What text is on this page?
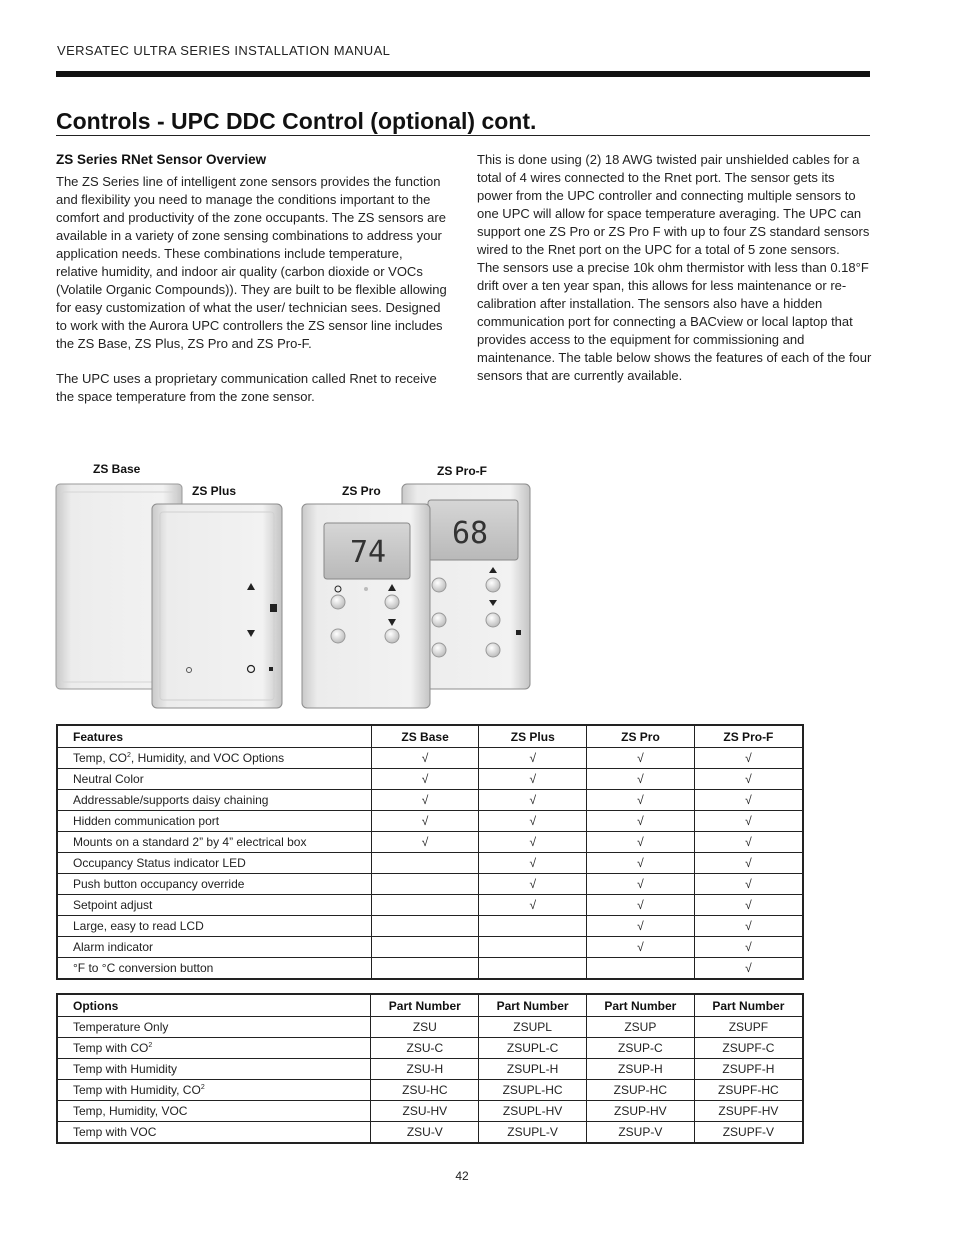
VERSATEC ULTRA SERIES INSTALLATION MANUAL
Controls - UPC DDC Control (optional) cont.
ZS Series RNet Sensor Overview

The ZS Series line of intelligent zone sensors provides the function and flexibility you need to manage the conditions important to the comfort and productivity of the zone occupants. The ZS sensors are available in a variety of zone sensing combinations to address your application needs. These combinations include temperature, relative humidity, and indoor air quality (carbon dioxide or VOCs (Volatile Organic Compounds)). They are built to be flexible allowing for easy customization of what the user/ technician sees. Designed to work with the Aurora UPC controllers the ZS sensor line includes the ZS Base, ZS Plus, ZS Pro and ZS Pro-F.

The UPC uses a proprietary communication called Rnet to receive the space temperature from the zone sensor.

This is done using (2) 18 AWG twisted pair unshielded cables for a total of 4 wires connected to the Rnet port. The sensor gets its power from the UPC controller and connecting multiple sensors to one UPC will allow for space temperature averaging. The UPC can support one ZS Pro or ZS Pro F with up to four ZS standard sensors wired to the Rnet port on the UPC for a total of 5 zone sensors.

The sensors use a precise 10k ohm thermistor with less than 0.18°F drift over a ten year span, this allows for less maintenance or re-calibration after installation. The sensors also have a hidden communication port for connecting a BACview or local laptop that provides access to the equipment for commissioning and maintenance. The table below shows the features of each of the four sensors that are currently available.

ZS Base
ZS Plus	ZS Pro
ZS Pro-F
68
74
Features	ZS Base	ZS Plus	ZS Pro	ZS Pro-F
Temp, $CO^2$, Humidity, and VOC Options	√	√	√	√
Neutral Color	√	√	√	√
Addressable/supports daisy chaining	√	√	√	√
Hidden communication port	√	√	√	√
Mounts on a standard 2” by 4” electrical box	√	√	√	√
Occupancy Status indicator LED		√	√	√
Push button occupancy override		√	√	√
Setpoint adjust		√	√	√
Large, easy to read LCD			√	√
Alarm indicator			√	√
°F to °C conversion button				√
Options	Part Number	Part Number	Part Number	Part Number
Temperature Only	ZSU	ZSUPL	ZSUP	ZSUPF
Temp with $CO^2$	ZSU-C	ZSUPL-C	ZSUP-C	ZSUPF-C
Temp with Humidity	ZSU-H	ZSUPL-H	ZSUP-H	ZSUPF-H
Temp with Humidity, $CO^2$	ZSU-HC	ZSUPL-HC	ZSUP-HC	ZSUPF-HC
Temp, Humidity, VOC	ZSU-HV	ZSUPL-HV	ZSUP-HV	ZSUPF-HV
Temp with VOC	ZSU-V	ZSUPL-V	ZSUP-V	ZSUPF-V
42
